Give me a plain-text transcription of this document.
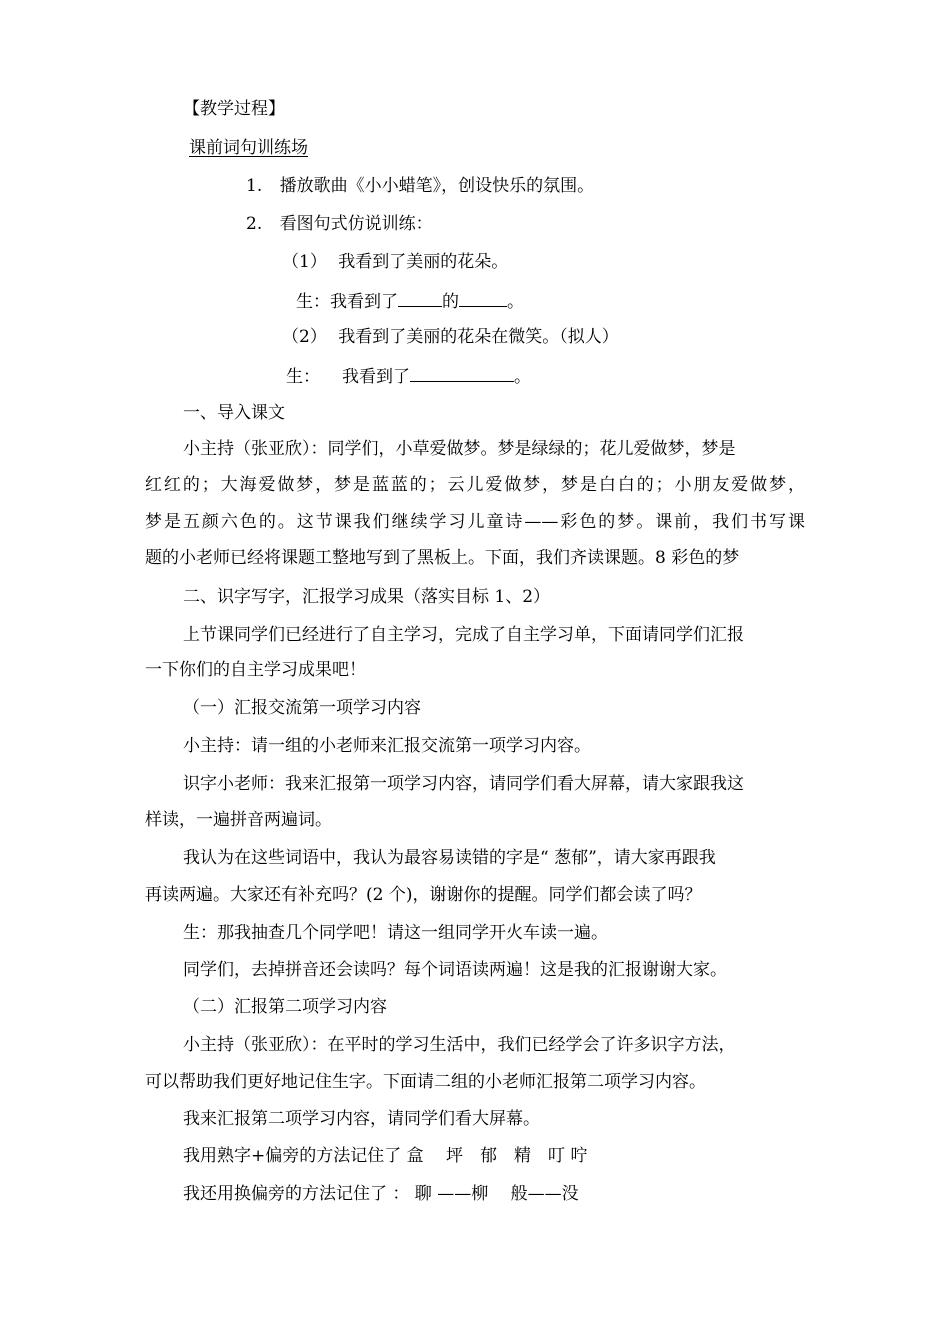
【教学过程】
课前词句训练场
1. 播放歌曲《小小蜡笔》，创设快乐的氛围。
2. 看图句式仿说训练：
（1） 我看到了美丽的花朵。
生：我看到了	的	。
（2） 我看到了美丽的花朵在微笑。（拟人）
生： 我看到了	。
一、导入课文
小主持（张亚欣）：同学们，小草爱做梦。梦是绿绿的；花儿爱做梦，梦是
红红的；大海爱做梦，梦是蓝蓝的；云儿爱做梦，梦是白白的；小朋友爱做梦，
梦是五颜六色的。这节课我们继续学习儿童诗——彩色的梦。课前，我们书写课
题的小老师已经将课题工整地写到了黑板上。下面，我们齐读课题。8 彩色的梦
二、识字写字，汇报学习成果（落实目标 1、2）
上节课同学们已经进行了自主学习，完成了自主学习单，下面请同学们汇报
一下你们的自主学习成果吧！
（一）汇报交流第一项学习内容
小主持：请一组的小老师来汇报交流第一项学习内容。
识字小老师：我来汇报第一项学习内容，请同学们看大屏幕，请大家跟我这
样读，一遍拼音两遍词。
我认为在这些词语中，我认为最容易读错的字是“ 葱郁”，请大家再跟我
再读两遍。大家还有补充吗？(2 个)，谢谢你的提醒。同学们都会读了吗？
生：那我抽查几个同学吧！请这一组同学开火车读一遍。
同学们，去掉拼音还会读吗？每个词语读两遍！这是我的汇报谢谢大家。
（二）汇报第二项学习内容
小主持（张亚欣）：在平时的学习生活中，我们已经学会了许多识字方法，
可以帮助我们更好地记住生字。下面请二组的小老师汇报第二项学习内容。
我来汇报第二项学习内容，请同学们看大屏幕。
我用熟字+偏旁的方法记住了 盒　 坪　郁　精　叮 咛
我还用换偏旁的方法记住了 ： 聊 ——柳　 般——没
